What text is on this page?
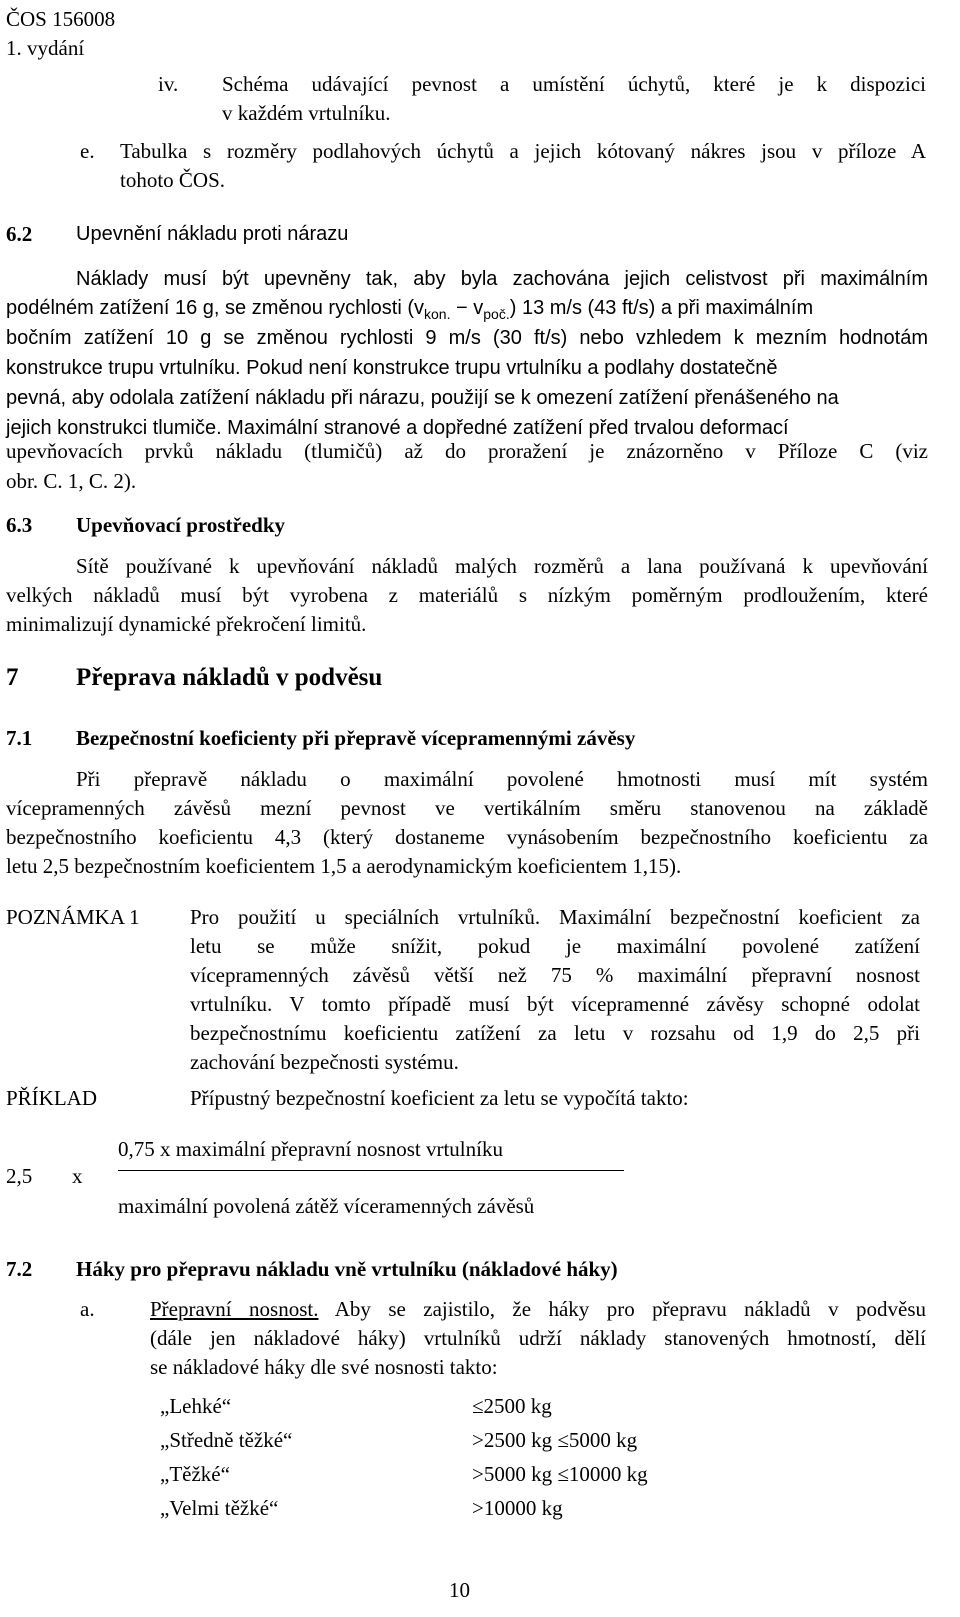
ČOS 156008
1. vydání
iv. Schéma udávající pevnost a umístění úchytů, které je k dispozici
v každém vrtulníku.
e. Tabulka s rozměry podlahových úchytů a jejich kótovaný nákres jsou v příloze A
tohoto ČOS.
6.2 Upevnění nákladu proti nárazu
Náklady musí být upevněny tak, aby byla zachována jejich celistvost při maximálním
podélném zatížení 16 g, se změnou rychlosti $(v_{kon.} - v_{poč.})$ 13 m/s (43 ft/s) a při maximálním
bočním zatížení 10 g se změnou rychlosti 9 m/s (30 ft/s) nebo vzhledem k mezním hodnotám
konstrukce trupu vrtulníku. Pokud není konstrukce trupu vrtulníku a podlahy dostatečně
pevná, aby odolala zatížení nákladu při nárazu, použijí se k omezení zatížení přenášeného na
jejich konstrukci tlumiče. Maximální stranové a dopředné zatížení před trvalou deformací
upevňovacích prvků nákladu (tlumičů) až do proražení je znázorněno v Příloze C (viz
obr. C. 1, C. 2).
6.3 Upevňovací prostředky
Sítě používané k upevňování nákladů malých rozměrů a lana používaná k upevňování
velkých nákladů musí být vyrobena z materiálů s nízkým poměrným prodloužením, které
minimalizují dynamické překročení limitů.
7 Přeprava nákladů v podvěsu
7.1 Bezpečnostní koeficienty při přepravě vícepramennými závěsy
Při přepravě nákladu o maximální povolené hmotnosti musí mít systém
vícepramenných závěsů mezní pevnost ve vertikálním směru stanovenou na základě
bezpečnostního koeficientu 4,3 (který dostaneme vynásobením bezpečnostního koeficientu za
letu 2,5 bezpečnostním koeficientem 1,5 a aerodynamickým koeficientem 1,15).
POZNÁMKA 1 Pro použití u speciálních vrtulníků. Maximální bezpečnostní koeficient za
letu se může snížit, pokud je maximální povolené zatížení
vícepramenných závěsů větší než 75 % maximální přepravní nosnost
vrtulníku. V tomto případě musí být vícepramenné závěsy schopné odolat
bezpečnostnímu koeficientu zatížení za letu v rozsahu od 1,9 do 2,5 při
zachování bezpečnosti systému.
PŘÍKLAD	Přípustný bezpečnostní koeficient za letu se vypočítá takto:
2,5 x
0,75 x maximální přepravní nosnost vrtulníku
maximální povolená zátěž víceramenných závěsů
7.2 Háky pro přepravu nákladu vně vrtulníku (nákladové háky)
a.	Přepravní nosnost. Aby se zajistilo, že háky pro přepravu nákladů v podvěsu
(dále jen nákladové háky) vrtulníků udrží náklady stanovených hmotností, dělí
se nákladové háky dle své nosnosti takto:
„Lehké“	≤2500 kg
„Středně těžké“	>2500 kg ≤5000 kg
„Těžké“	>5000 kg ≤10000 kg
„Velmi těžké“	>10000 kg
10
